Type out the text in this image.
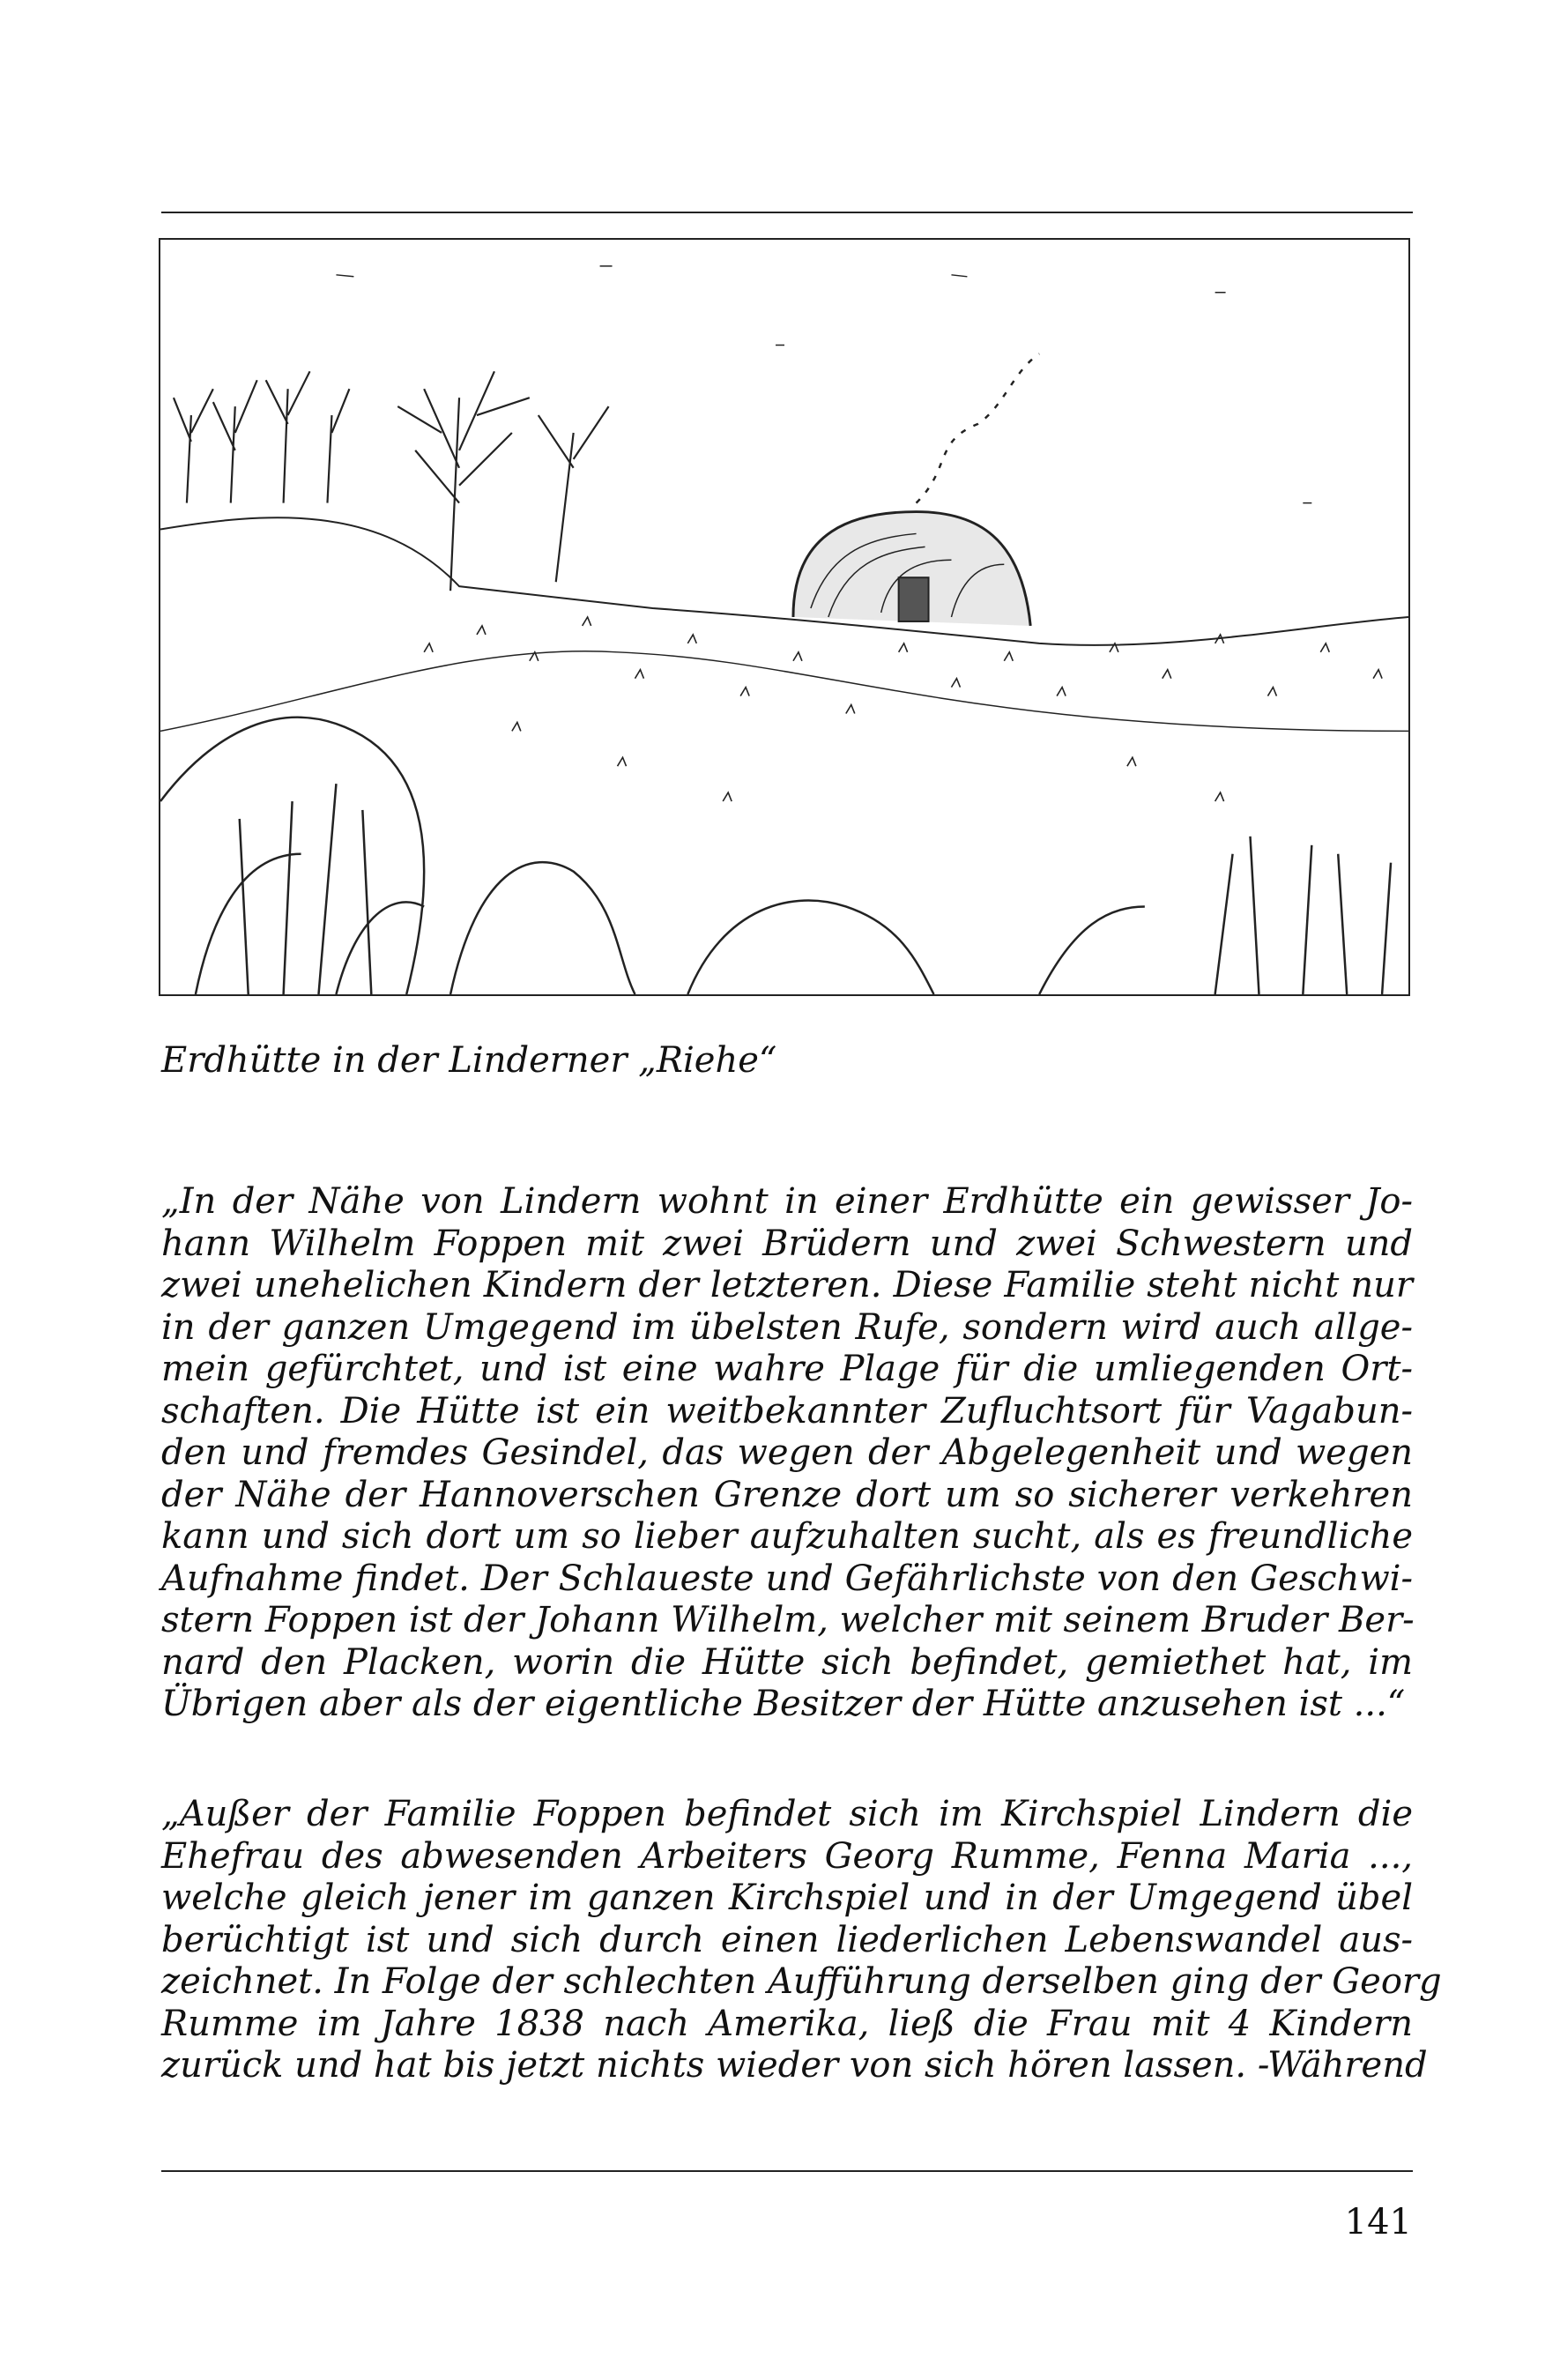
Erdhütte in der Linderner „Riehe“
„In der Nähe von Lindern wohnt in einer Erdhütte ein gewisser Jo-
hann Wilhelm Foppen mit zwei Brüdern und zwei Schwestern und
zwei unehelichen Kindern der letzteren. Diese Familie steht nicht nur
in der ganzen Umgegend im übelsten Rufe, sondern wird auch allge-
mein gefürchtet, und ist eine wahre Plage für die umliegenden Ort-
schaften. Die Hütte ist ein weitbekannter Zufluchtsort für Vagabun-
den und fremdes Gesindel, das wegen der Abgelegenheit und wegen
der Nähe der Hannoverschen Grenze dort um so sicherer verkehren
kann und sich dort um so lieber aufzuhalten sucht, als es freundliche
Aufnahme findet. Der Schlaueste und Gefährlichste von den Geschwi-
stern Foppen ist der Johann Wilhelm, welcher mit seinem Bruder Ber-
nard den Placken, worin die Hütte sich befindet, gemiethet hat, im
Übrigen aber als der eigentliche Besitzer der Hütte anzusehen ist ...“
„Außer der Familie Foppen befindet sich im Kirchspiel Lindern die
Ehefrau des abwesenden Arbeiters Georg Rumme, Fenna Maria ...,
welche gleich jener im ganzen Kirchspiel und in der Umgegend übel
berüchtigt ist und sich durch einen liederlichen Lebenswandel aus-
zeichnet. In Folge der schlechten Aufführung derselben ging der Georg
Rumme im Jahre 1838 nach Amerika, ließ die Frau mit 4 Kindern
zurück und hat bis jetzt nichts wieder von sich hören lassen. -Während
141
